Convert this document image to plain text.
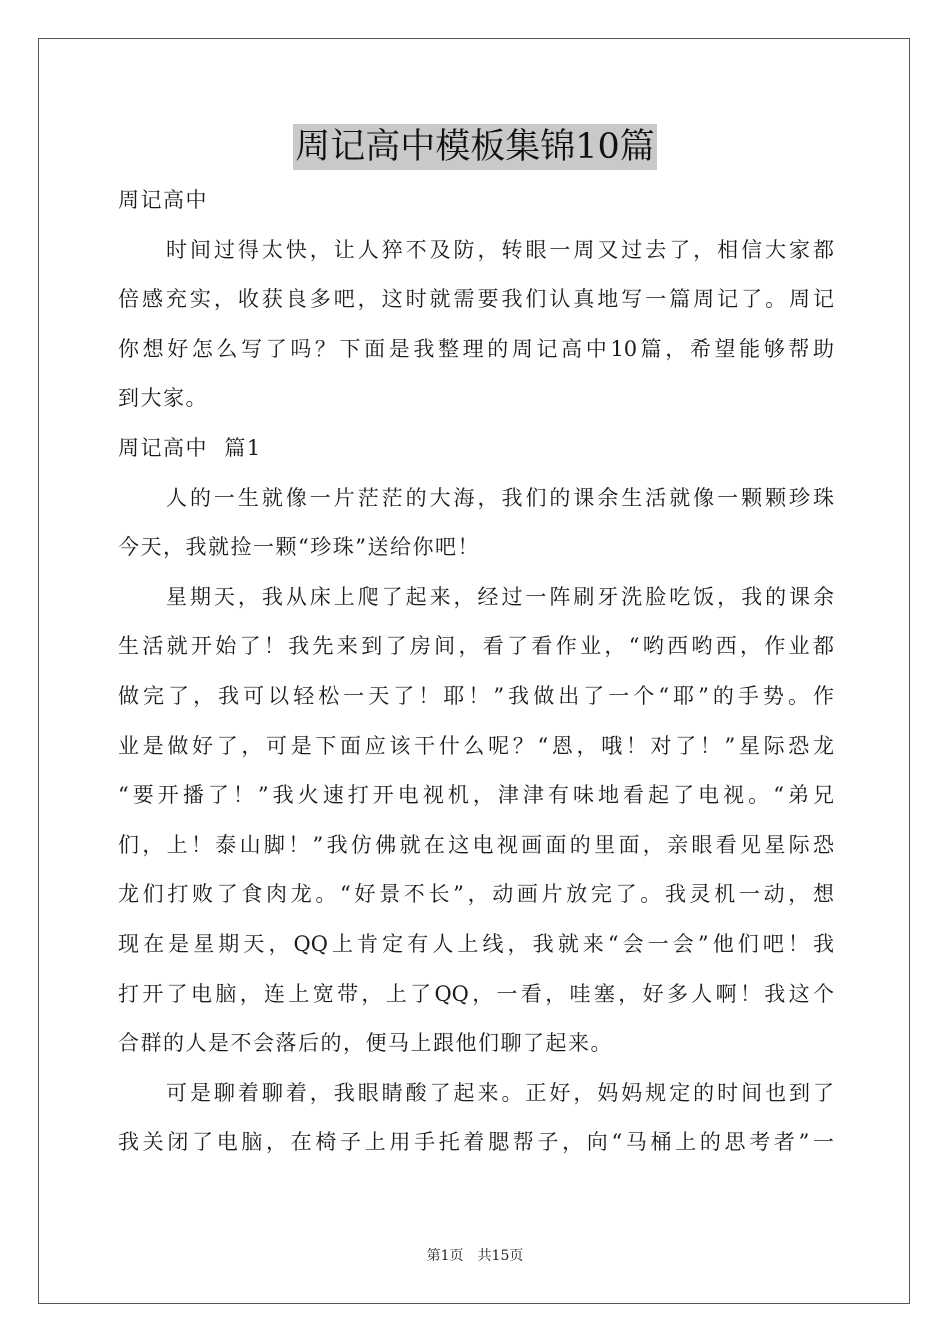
周记高中模板集锦10篇
周记高中
时间过得太快，让人猝不及防，转眼一周又过去了，相信大家都
倍感充实，收获良多吧，这时就需要我们认真地写一篇周记了。周记
你想好怎么写了吗？下面是我整理的周记高中10篇，希望能够帮助
到大家。
周记高中  篇1
人的一生就像一片茫茫的大海，我们的课余生活就像一颗颗珍珠
今天，我就捡一颗“珍珠”送给你吧！
星期天，我从床上爬了起来，经过一阵刷牙洗脸吃饭，我的课余
生活就开始了！我先来到了房间，看了看作业，“哟西哟西，作业都
做完了，我可以轻松一天了！耶！”我做出了一个“耶”的手势。作
业是做好了，可是下面应该干什么呢？“恩，哦！对了！”星际恐龙
“要开播了！”我火速打开电视机，津津有味地看起了电视。“弟兄
们，上！泰山脚！”我仿佛就在这电视画面的里面，亲眼看见星际恐
龙们打败了食肉龙。“好景不长”，动画片放完了。我灵机一动，想
现在是星期天，QQ上肯定有人上线，我就来“会一会”他们吧！我
打开了电脑，连上宽带，上了QQ，一看，哇塞，好多人啊！我这个
合群的人是不会落后的，便马上跟他们聊了起来。
可是聊着聊着，我眼睛酸了起来。正好，妈妈规定的时间也到了
我关闭了电脑，在椅子上用手托着腮帮子，向“马桶上的思考者”一
第1页 共15页
